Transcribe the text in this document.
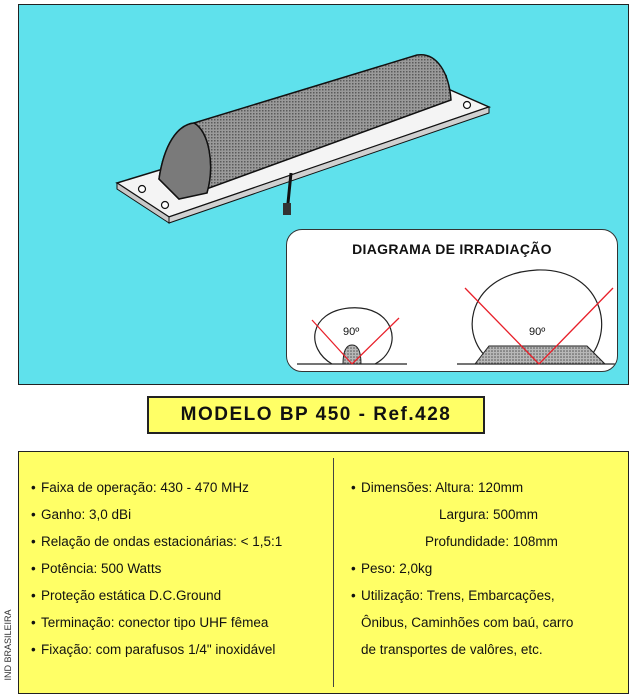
DIAGRAMA DE IRRADIAÇÃO
90º	90º
MODELO BP 450 - Ref.428
• Faixa de operação: 430 - 470 MHz
• Ganho: 3,0 dBi
• Relação de ondas estacionárias: < 1,5:1
• Potência: 500 Watts
• Proteção estática D.C.Ground
• Terminação: conector tipo UHF fêmea
• Fixação: com parafusos 1/4" inoxidável
• Dimensões: Altura: 120mm
Largura: 500mm
Profundidade: 108mm
• Peso: 2,0kg
• Utilização: Trens, Embarcações,
Ônibus, Caminhões com baú, carro
de transportes de valôres, etc.
IND BRASILEIRA
